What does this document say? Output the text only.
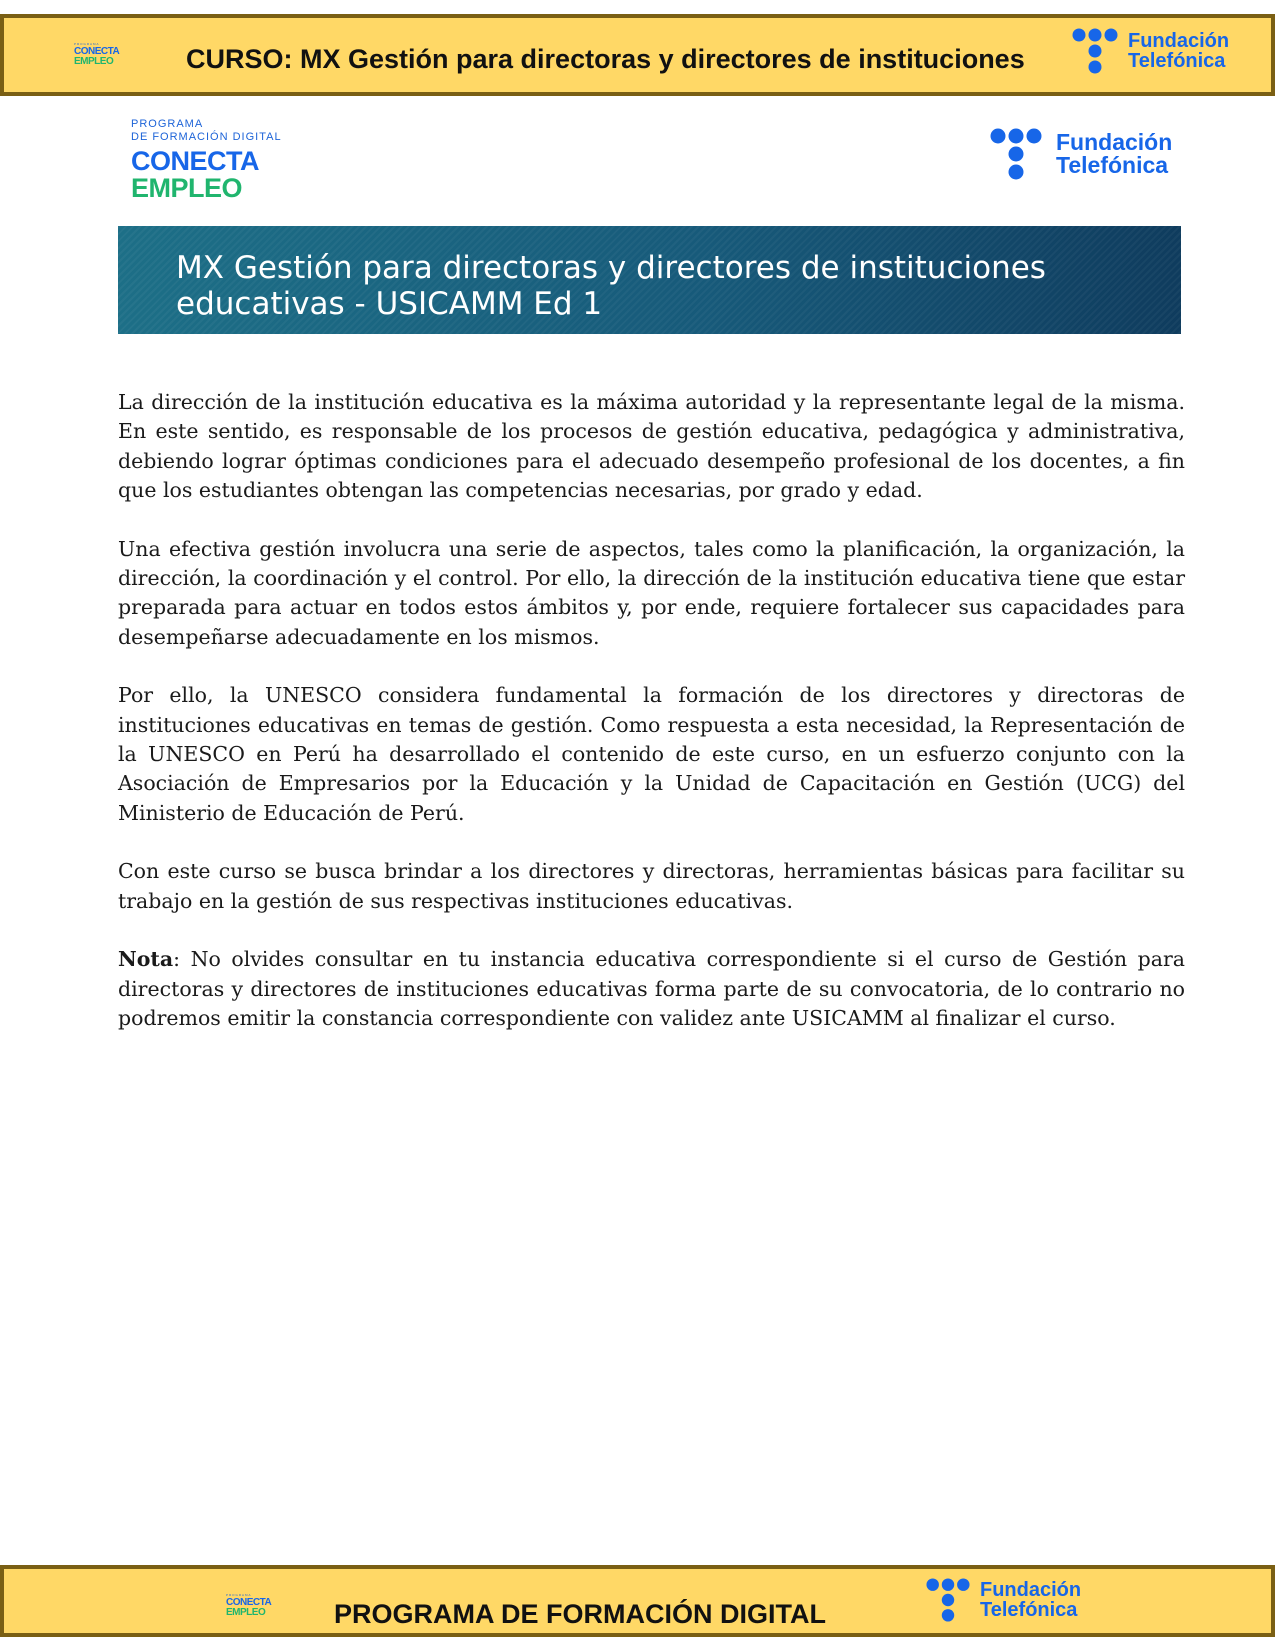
PROGRAMA
CONECTA
EMPLEO	CURSO: MX Gestión para directoras y directores de instituciones
Fundación
Telefónica
PROGRAMA
DE FORMACIÓN DIGITAL
CONECTA
EMPLEO
Fundación
Telefónica
MX Gestión para directoras y directores de instituciones educativas - USICAMM Ed 1

La dirección de la institución educativa es la máxima autoridad y la representante legal de la misma. En este sentido, es responsable de los procesos de gestión educativa, pedagógica y administrativa, debiendo lograr óptimas condiciones para el adecuado desempeño profesional de los docentes, a fin que los estudiantes obtengan las competencias necesarias, por grado y edad.

Una efectiva gestión involucra una serie de aspectos, tales como la planificación, la organización, la dirección, la coordinación y el control. Por ello, la dirección de la institución educativa tiene que estar preparada para actuar en todos estos ámbitos y, por ende, requiere fortalecer sus capacidades para desempeñarse adecuadamente en los mismos.

Por ello, la UNESCO considera fundamental la formación de los directores y directoras de instituciones educativas en temas de gestión. Como respuesta a esta necesidad, la Representación de la UNESCO en Perú ha desarrollado el contenido de este curso, en un esfuerzo conjunto con la Asociación de Empresarios por la Educación y la Unidad de Capacitación en Gestión (UCG) del Ministerio de Educación de Perú.

Con este curso se busca brindar a los directores y directoras, herramientas básicas para facilitar su trabajo en la gestión de sus respectivas instituciones educativas.

Nota: No olvides consultar en tu instancia educativa correspondiente si el curso de Gestión para directoras y directores de instituciones educativas forma parte de su convocatoria, de lo contrario no podremos emitir la constancia correspondiente con validez ante USICAMM al finalizar el curso.

PROGRAMA
CONECTA
EMPLEO	PROGRAMA DE FORMACIÓN DIGITAL
Fundación
Telefónica
